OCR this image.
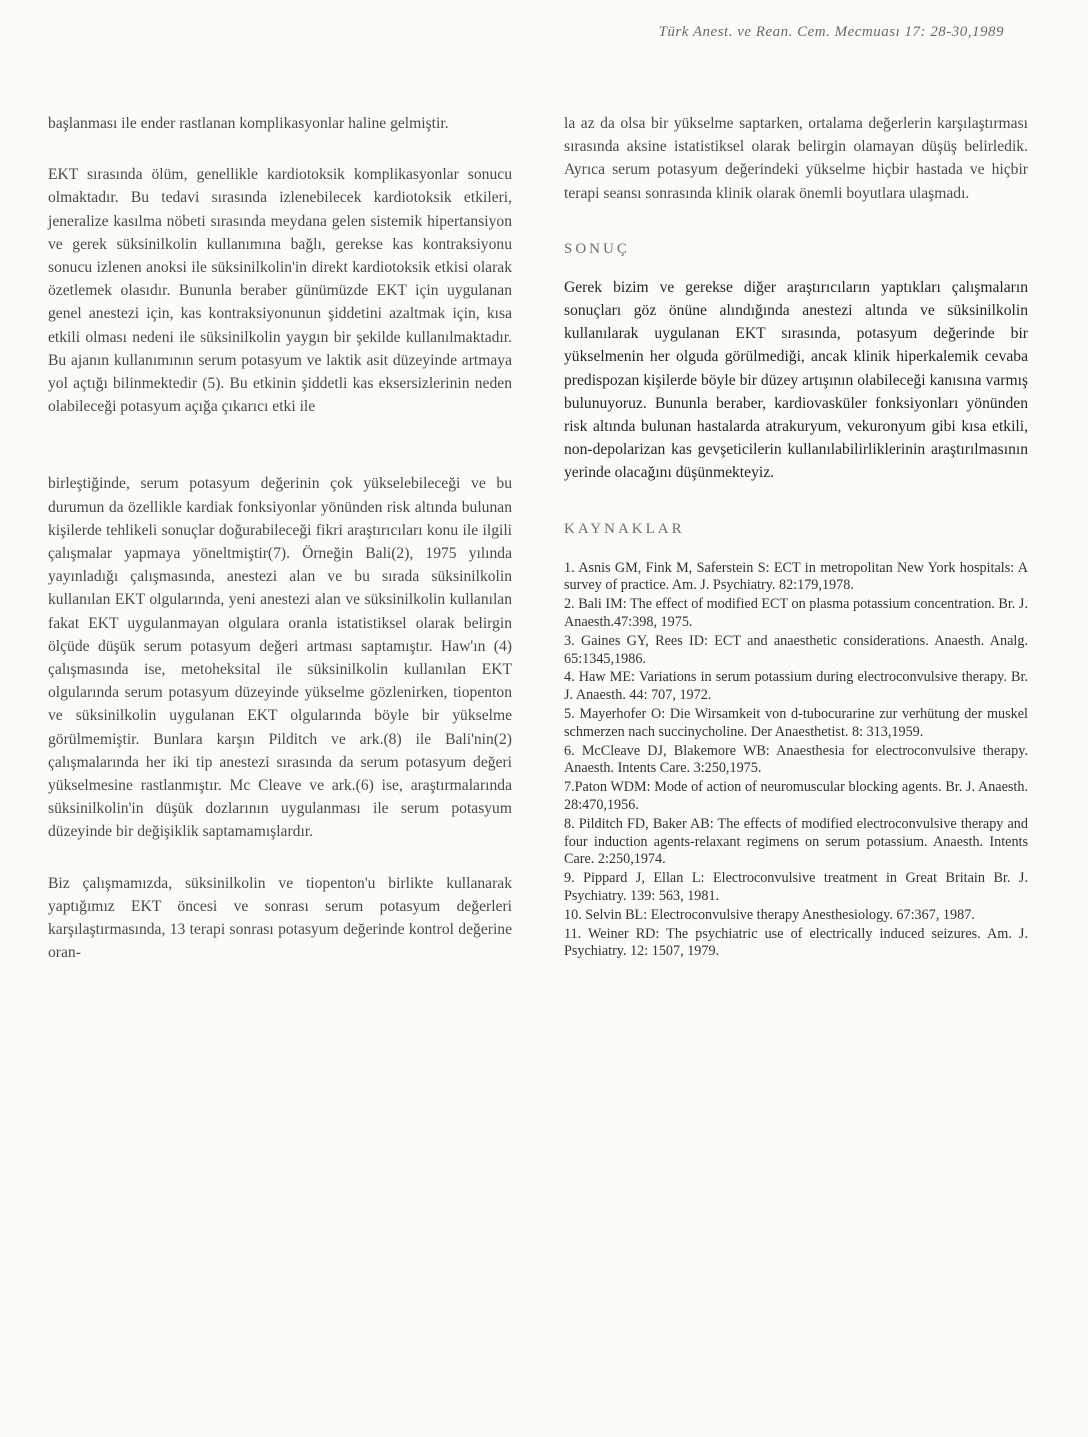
Türk Anest. ve Rean. Cem. Mecmuası 17: 28-30,1989

başlanması ile ender rastlanan komplikasyonlar haline gelmiştir.

EKT sırasında ölüm, genellikle kardiotoksik komplikasyonlar sonucu olmaktadır. Bu tedavi sırasında izlenebilecek kardiotoksik etkileri, jeneralize kasılma nöbeti sırasında meydana gelen sistemik hipertansiyon ve gerek süksinilkolin kullanımına bağlı, gerekse kas kontraksiyonu sonucu izlenen anoksi ile süksinilkolin'in direkt kardiotoksik etkisi olarak özetlemek olasıdır. Bununla beraber günümüzde EKT için uygulanan genel anestezi için, kas kontraksiyonunun şiddetini azaltmak için, kısa etkili olması nedeni ile süksinilkolin yaygın bir şekilde kullanılmaktadır. Bu ajanın kullanımının serum potasyum ve laktik asit düzeyinde artmaya yol açtığı bilinmektedir (5). Bu etkinin şiddetli kas eksersizlerinin neden olabileceği potasyum açığa çıkarıcı etki ile

birleştiğinde, serum potasyum değerinin çok yükselebileceği ve bu durumun da özellikle kardiak fonksiyonlar yönünden risk altında bulunan kişilerde tehlikeli sonuçlar doğurabileceği fikri araştırıcıları konu ile ilgili çalışmalar yapmaya yöneltmiştir(7). Örneğin Bali(2), 1975 yılında yayınladığı çalışmasında, anestezi alan ve bu sırada süksinilkolin kullanılan EKT olgularında, yeni anestezi alan ve süksinilkolin kullanılan fakat EKT uygulanmayan olgulara oranla istatistiksel olarak belirgin ölçüde düşük serum potasyum değeri artması saptamıştır. Haw'ın (4) çalışmasında ise, metoheksital ile süksinilkolin kullanılan EKT olgularında serum potasyum düzeyinde yükselme gözlenirken, tiopenton ve süksinilkolin uygulanan EKT olgularında böyle bir yükselme görülmemiştir. Bunlara karşın Pilditch ve ark.(8) ile Bali'nin(2) çalışmalarında her iki tip anestezi sırasında da serum potasyum değeri yükselmesine rastlanmıştır. Mc Cleave ve ark.(6) ise, araştırmalarında süksinilkolin'in düşük dozlarının uygulanması ile serum potasyum düzeyinde bir değişiklik saptamamışlardır.

Biz çalışmamızda, süksinilkolin ve tiopenton'u birlikte kullanarak yaptığımız EKT öncesi ve sonrası serum potasyum değerleri karşılaştırmasında, 13 terapi sonrası potasyum değerinde kontrol değerine oran-

la az da olsa bir yükselme saptarken, ortalama değerlerin karşılaştırması sırasında aksine istatistiksel olarak belirgin olamayan düşüş belirledik. Ayrıca serum potasyum değerindeki yükselme hiçbir hastada ve hiçbir terapi seansı sonrasında klinik olarak önemli boyutlara ulaşmadı.

SONUÇ

Gerek bizim ve gerekse diğer araştırıcıların yaptıkları çalışmaların sonuçları göz önüne alındığında anestezi altında ve süksinilkolin kullanılarak uygulanan EKT sırasında, potasyum değerinde bir yükselmenin her olguda görülmediği, ancak klinik hiperkalemik cevaba predispozan kişilerde böyle bir düzey artışının olabileceği kanısına varmış bulunuyoruz. Bununla beraber, kardiovasküler fonksiyonları yönünden risk altında bulunan hastalarda atrakuryum, vekuronyum gibi kısa etkili, non-depolarizan kas gevşeticilerin kullanılabilirliklerinin araştırılmasının yerinde olacağını düşünmekteyiz.

KAYNAKLAR
1. Asnis GM, Fink M, Saferstein S: ECT in metropolitan New York hospitals: A survey of practice. Am. J. Psychiatry. 82:179,1978.
2. Bali IM: The effect of modified ECT on plasma potassium concentration. Br. J. Anaesth.47:398, 1975.
3. Gaines GY, Rees ID: ECT and anaesthetic considerations. Anaesth. Analg. 65:1345,1986.
4. Haw ME: Variations in serum potassium during electroconvulsive therapy. Br. J. Anaesth. 44: 707, 1972.
5. Mayerhofer O: Die Wirsamkeit von d-tubocurarine zur verhütung der muskel schmerzen nach succinycholine. Der Anaesthetist. 8: 313,1959.
6. McCleave DJ, Blakemore WB: Anaesthesia for electroconvulsive therapy. Anaesth. Intents Care. 3:250,1975.
7.Paton WDM: Mode of action of neuromuscular blocking agents. Br. J. Anaesth. 28:470,1956.
8. Pilditch FD, Baker AB: The effects of modified electroconvulsive therapy and four induction agents-relaxant regimens on serum potassium. Anaesth. Intents Care. 2:250,1974.
9. Pippard J, Ellan L: Electroconvulsive treatment in Great Britain Br. J. Psychiatry. 139: 563, 1981.
10. Selvin BL: Electroconvulsive therapy Anesthesiology. 67:367, 1987.
11. Weiner RD: The psychiatric use of electrically induced seizures. Am. J. Psychiatry. 12: 1507, 1979.
